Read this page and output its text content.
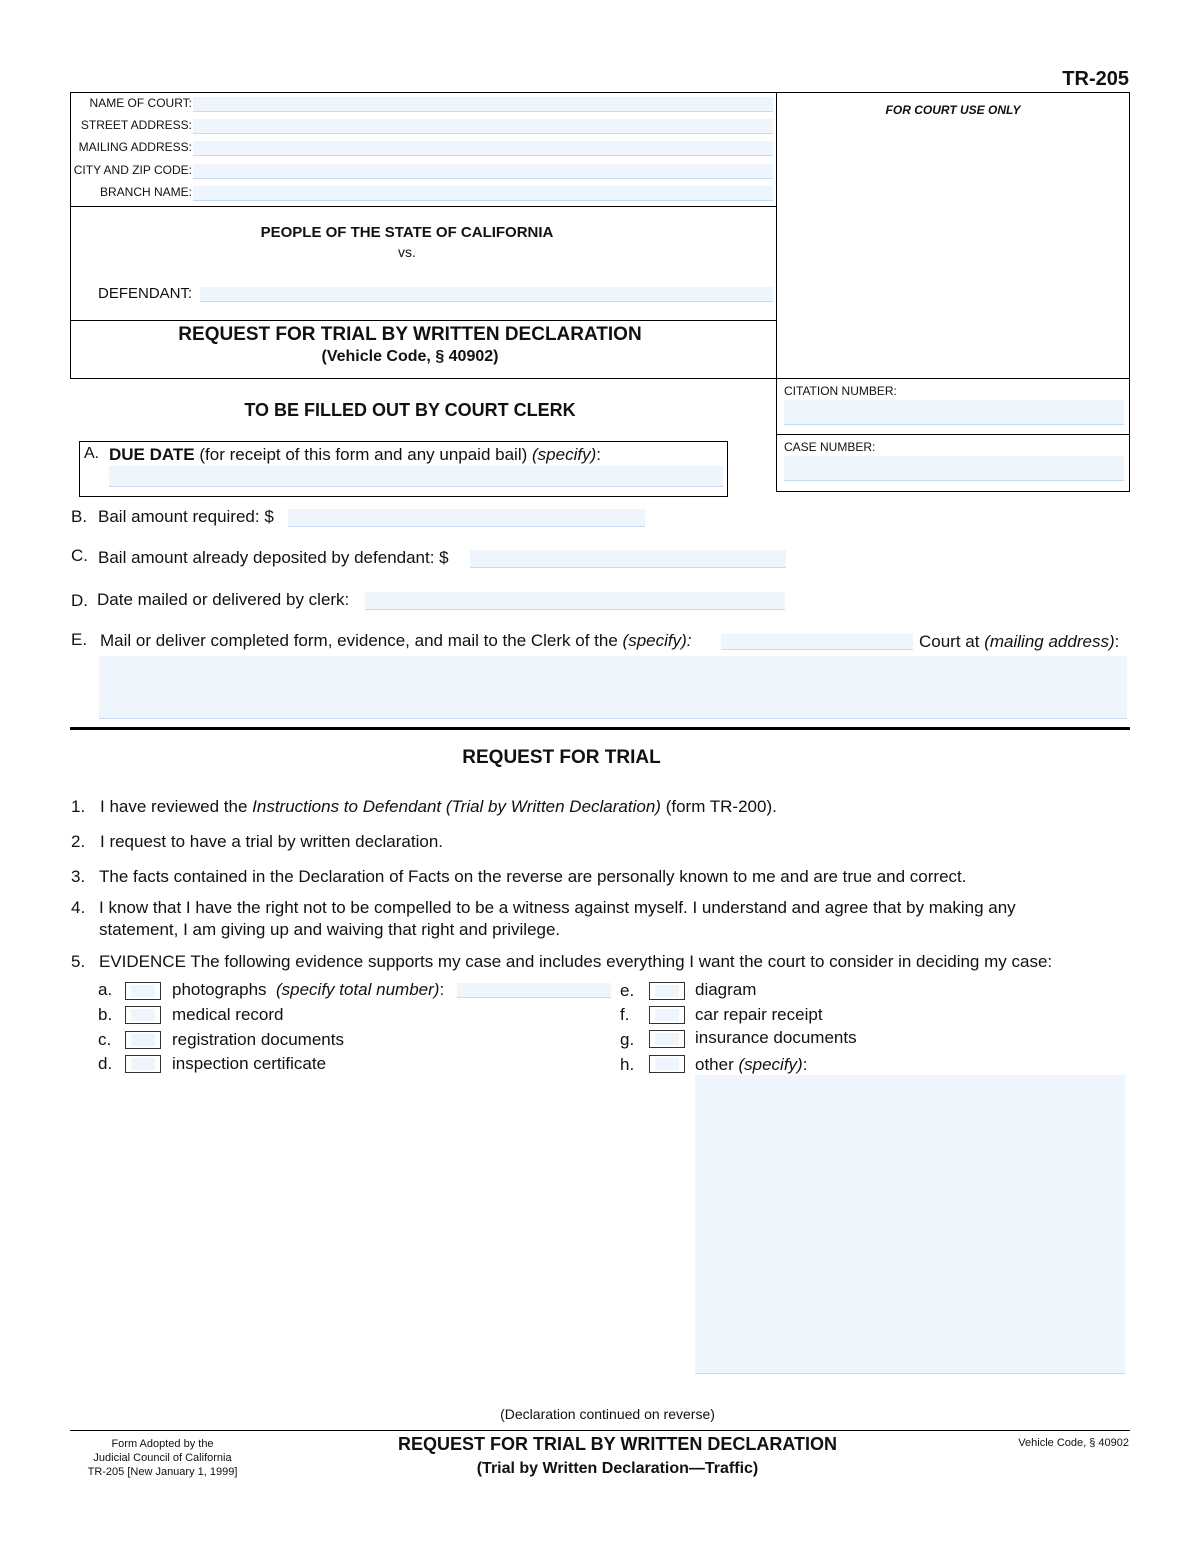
TR-205
FOR COURT USE ONLY
NAME OF COURT:
STREET ADDRESS:
MAILING ADDRESS:
CITY AND ZIP CODE:
BRANCH NAME:
PEOPLE OF THE STATE OF CALIFORNIA
vs.
DEFENDANT:
REQUEST FOR TRIAL BY WRITTEN DECLARATION
(Vehicle Code, § 40902)
CITATION NUMBER:
CASE NUMBER:
TO BE FILLED OUT BY COURT CLERK
A. DUE DATE (for receipt of this form and any unpaid bail) (specify):
B. Bail amount required: $
C. Bail amount already deposited by defendant: $
D. Date mailed or delivered by clerk:
E. Mail or deliver completed form, evidence, and mail to the Clerk of the (specify):	Court at (mailing address):
REQUEST FOR TRIAL
1. I have reviewed the Instructions to Defendant (Trial by Written Declaration) (form TR-200).
2. I request to have a trial by written declaration.
3. The facts contained in the Declaration of Facts on the reverse are personally known to me and are true and correct.
4. I know that I have the right not to be compelled to be a witness against myself. I understand and agree that by making any
statement, I am giving up and waiving that right and privilege.
5. EVIDENCE The following evidence supports my case and includes everything I want the court to consider in deciding my case:
a.	photographs (specify total number):
b.	medical record
c.	registration documents
d.	inspection certificate
e.	diagram
f.	car repair receipt
g.	insurance documents
h.	other (specify):
(Declaration continued on reverse)
Form Adopted by the
Judicial Council of California
TR-205 [New January 1, 1999]
REQUEST FOR TRIAL BY WRITTEN DECLARATION
(Trial by Written Declaration—Traffic)
Vehicle Code, § 40902
